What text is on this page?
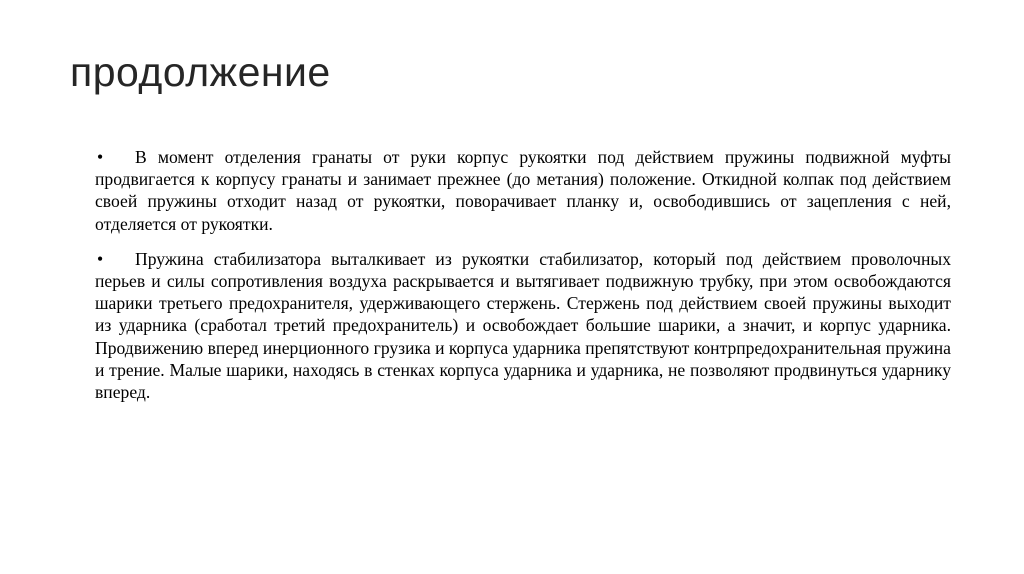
продолжение

• В момент отделения гранаты от руки корпус рукоятки под действием пружины подвижной муфты продвигается к корпусу гранаты и занимает прежнее (до метания) положение. Откидной колпак под действием своей пружины отходит назад от рукоятки, поворачивает планку и, освободившись от зацепления с ней, отделяется от рукоятки.

• Пружина стабилизатора выталкивает из рукоятки стабилизатор, который под действием проволочных перьев и силы сопротивления воздуха раскрывается и вытягивает подвижную трубку, при этом освобождаются шарики третьего предохранителя, удерживающего стержень. Стержень под действием своей пружины выходит из ударника (сработал третий предохранитель) и освобождает большие шарики, а значит, и корпус ударника. Продвижению вперед инерционного грузика и корпуса ударника препятствуют контрпредохранительная пружина и трение. Малые шарики, находясь в стенках корпуса ударника и ударника, не позволяют продвинуться ударнику вперед.
